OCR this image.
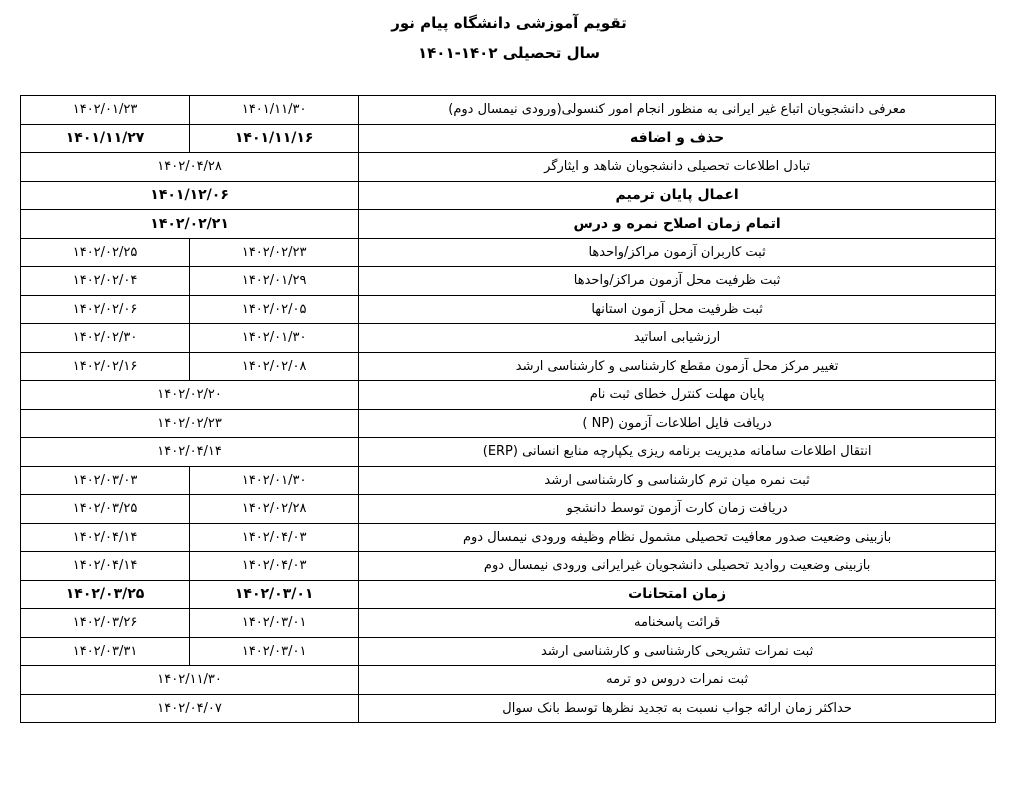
تقویم آموزشی دانشگاه پیام نور
سال تحصیلی ۱۴۰۲-۱۴۰۱
معرفی دانشجویان اتباع غیر ایرانی به منظور انجام امور کنسولی(ورودی نیمسال دوم)	۱۴۰۱/۱۱/۳۰	۱۴۰۲/۰۱/۲۳
حذف و اضافه	۱۴۰۱/۱۱/۱۶	۱۴۰۱/۱۱/۲۷
تبادل اطلاعات تحصیلی دانشجویان شاهد و ایثارگر	۱۴۰۲/۰۴/۲۸	
اعمال پایان ترمیم	۱۴۰۱/۱۲/۰۶	
اتمام زمان اصلاح نمره و درس	۱۴۰۲/۰۲/۲۱	
ثبت کاربران آزمون مراکز/واحدها	۱۴۰۲/۰۲/۲۳	۱۴۰۲/۰۲/۲۵
ثبت ظرفیت محل آزمون مراکز/واحدها	۱۴۰۲/۰۱/۲۹	۱۴۰۲/۰۲/۰۴
ثبت ظرفیت محل آزمون استانها	۱۴۰۲/۰۲/۰۵	۱۴۰۲/۰۲/۰۶
ارزشیابی اساتید	۱۴۰۲/۰۱/۳۰	۱۴۰۲/۰۲/۳۰
تغییر مرکز محل آزمون مقطع کارشناسی و کارشناسی ارشد	۱۴۰۲/۰۲/۰۸	۱۴۰۲/۰۲/۱۶
پایان مهلت کنترل خطای ثبت نام	۱۴۰۲/۰۲/۲۰	
دریافت فایل اطلاعات آزمون (NP )	۱۴۰۲/۰۲/۲۳	
انتقال اطلاعات سامانه مدیریت برنامه ریزی یکپارچه منابع انسانی (ERP)	۱۴۰۲/۰۴/۱۴	
ثبت نمره میان ترم کارشناسی و کارشناسی ارشد	۱۴۰۲/۰۱/۳۰	۱۴۰۲/۰۳/۰۳
دریافت زمان کارت آزمون توسط دانشجو	۱۴۰۲/۰۲/۲۸	۱۴۰۲/۰۳/۲۵
بازبینی وضعیت صدور معافیت تحصیلی مشمول نظام وظیفه ورودی نیمسال دوم	۱۴۰۲/۰۴/۰۳	۱۴۰۲/۰۴/۱۴
بازبینی وضعیت روادید تحصیلی دانشجویان غیرایرانی ورودی نیمسال دوم	۱۴۰۲/۰۴/۰۳	۱۴۰۲/۰۴/۱۴
زمان امتحانات	۱۴۰۲/۰۳/۰۱	۱۴۰۲/۰۳/۲۵
قرائت پاسخنامه	۱۴۰۲/۰۳/۰۱	۱۴۰۲/۰۳/۲۶
ثبت نمرات تشریحی کارشناسی و کارشناسی ارشد	۱۴۰۲/۰۳/۰۱	۱۴۰۲/۰۳/۳۱
ثبت نمرات دروس دو ترمه	۱۴۰۲/۱۱/۳۰	
حداکثر زمان ارائه جواب نسبت به تجدید نظرها توسط بانک سوال	۱۴۰۲/۰۴/۰۷	
